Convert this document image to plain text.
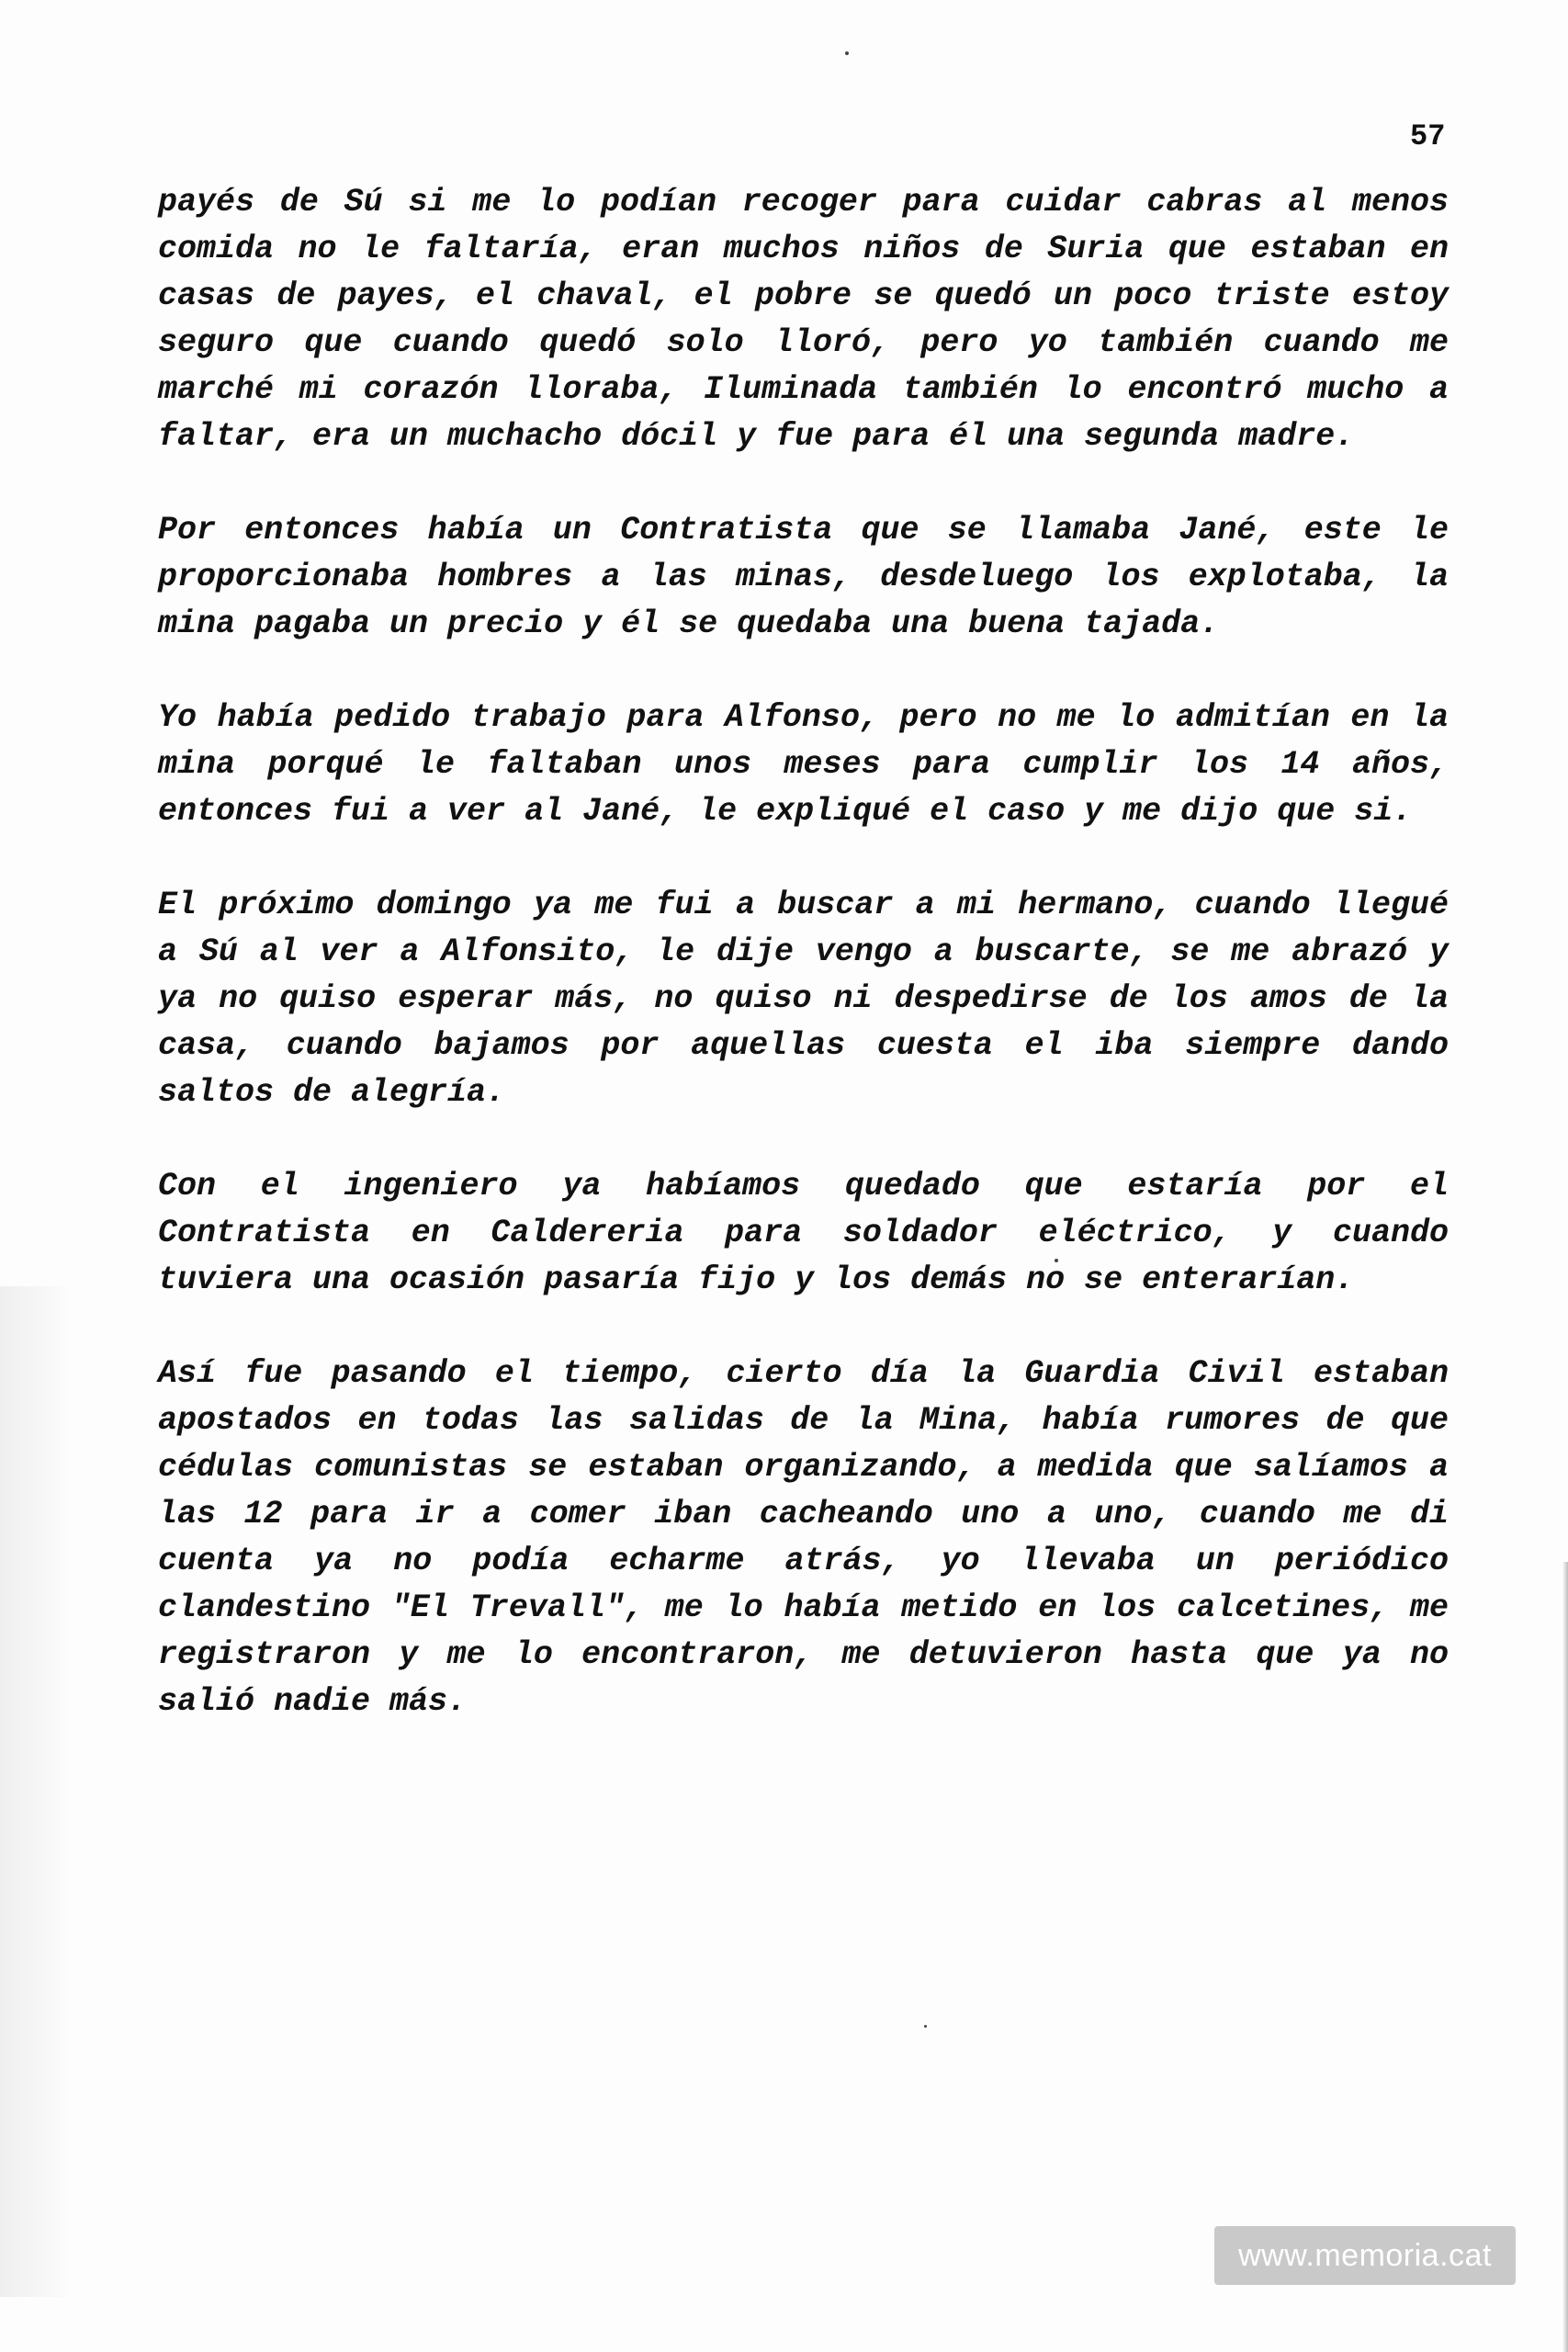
57

payés de Sú si me lo podían recoger para cuidar cabras al menos comida no le faltaría, eran muchos niños de Suria que estaban en casas de payes, el chaval, el pobre se quedó un poco triste estoy seguro que cuando quedó solo lloró, pero yo también cuando me marché mi corazón lloraba, Iluminada también lo encontró mucho a faltar, era un muchacho dócil y fue para él una segunda madre.

Por entonces había un Contratista que se llamaba Jané, este le proporcionaba hombres a las minas, desdeluego los explotaba, la mina pagaba un precio y él se quedaba una buena tajada.

Yo había pedido trabajo para Alfonso, pero no me lo admitían en la mina porqué le faltaban unos meses para cumplir los 14 años, entonces fui a ver al Jané, le expliqué el caso y me dijo que si.

El próximo domingo ya me fui a buscar a mi hermano, cuando llegué a Sú al ver a Alfonsito, le dije vengo a buscarte, se me abrazó y ya no quiso esperar más, no quiso ni despedirse de los amos de la casa, cuando bajamos por aquellas cuesta el iba siempre dando saltos de alegría.

Con el ingeniero ya habíamos quedado que estaría por el Contratista en Caldereria para soldador eléctrico, y cuando tuviera una ocasión pasaría fijo y los demás no se enterarían.

Así fue pasando el tiempo, cierto día la Guardia Civil estaban apostados en todas las salidas de la Mina, había rumores de que cédulas comunistas se estaban organizando, a medida que salíamos a las 12 para ir a comer iban cacheando uno a uno, cuando me di cuenta ya no podía echarme atrás, yo llevaba un periódico clandestino "El Trevall", me lo había metido en los calcetines, me registraron y me lo encontraron, me detuvieron hasta que ya no salió nadie más.

www.memoria.cat
